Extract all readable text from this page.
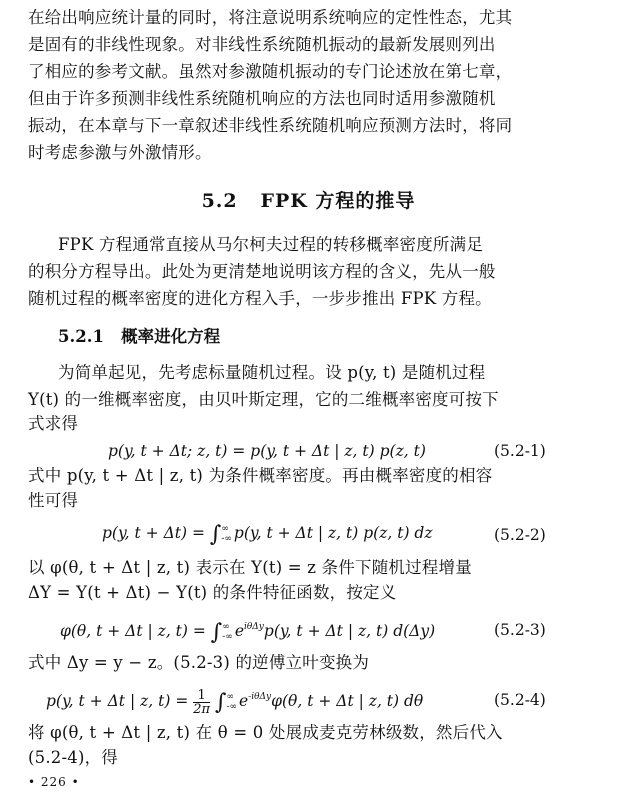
在给出响应统计量的同时，将注意说明系统响应的定性性态，尤其
是固有的非线性现象。对非线性系统随机振动的最新发展则列出
了相应的参考文献。虽然对参激随机振动的专门论述放在第七章，
但由于许多预测非线性系统随机响应的方法也同时适用参激随机
振动，在本章与下一章叙述非线性系统随机响应预测方法时，将同
时考虑参激与外激情形。
5.2 FPK 方程的推导
FPK 方程通常直接从马尔柯夫过程的转移概率密度所满足
的积分方程导出。此处为更清楚地说明该方程的含义，先从一般
随机过程的概率密度的进化方程入手，一步步推出 FPK 方程。
5.2.1 概率进化方程
为简单起见，先考虑标量随机过程。设 p(y, t) 是随机过程
Y(t) 的一维概率密度，由贝叶斯定理，它的二维概率密度可按下
式求得
p(y, t + Δt; z, t) = p(y, t + Δt | z, t) p(z, t)	(5.2-1)
式中 p(y, t + Δt | z, t) 为条件概率密度。再由概率密度的相容
性可得
p(y, t + Δt) = ∫ ∞
-∞ p(y, t + Δt | z, t) p(z, t) dz	(5.2-2)
以 φ(θ, t + Δt | z, t) 表示在 Y(t) = z 条件下随机过程增量
ΔY = Y(t + Δt) − Y(t) 的条件特征函数，按定义
φ(θ, t + Δt | z, t) = ∫ ∞
-∞ $e^{i\theta\Delta y}p(y$, t + Δt | z, t) d(Δy)	(5.2-3)
式中 Δy = y − z。(5.2-3) 的逆傅立叶变换为
p(y, t + Δt | z, $t) = \frac{1}{2\pi}$ ∫ ∞
-∞ $e^{-i\theta\Delta y}\varphi(\theta$, t + Δt | z, t) dθ	(5.2-4)
将 φ(θ, t + Δt | z, t) 在 θ = 0 处展成麦克劳林级数，然后代入
(5.2-4)，得
• 226 •
